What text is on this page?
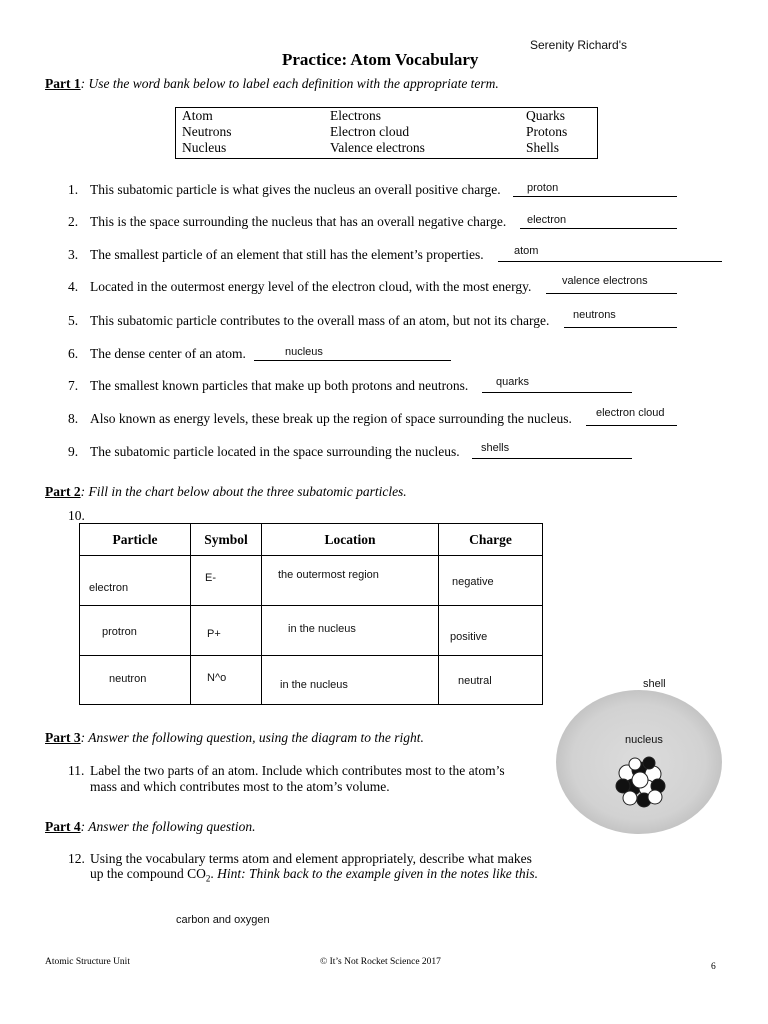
Serenity Richard's
Practice: Atom Vocabulary
Part 1: Use the word bank below to label each definition with the appropriate term.
Atom	Electrons	Quarks
Neutrons	Electron cloud	Protons
Nucleus	Valence electrons	Shells
1. This subatomic particle is what gives the nucleus an overall positive charge. proton
2. This is the space surrounding the nucleus that has an overall negative charge. electron
3. The smallest particle of an element that still has the element’s properties.	atom
4. Located in the outermost energy level of the electron cloud, with the most energy.	valence electrons
5. This subatomic particle contributes to the overall mass of an atom, but not its charge. neutrons
6. The dense center of an atom.	nucleus
7. The smallest known particles that make up both protons and neutrons.	quarks
8. Also known as energy levels, these break up the region of space surrounding the nucleus. electron cloud
9. The subatomic particle located in the space surrounding the nucleus. shells
Part 2: Fill in the chart below about the three subatomic particles.
10.
Particle	Symbol	Location	Charge

electron	E-	the outermost region	negative

protron	P+	in the nucleus	positive

neutron	N^o	in the nucleus	neutral	shell
nucleus
Part 3: Answer the following question, using the diagram to the right.
11. Label the two parts of an atom. Include which contributes most to the atom’s
mass and which contributes most to the atom’s volume.
Part 4: Answer the following question.
12. Using the vocabulary terms atom and element appropriately, describe what makes
up the compound $CO_2$. Hint: Think back to the example given in the notes like this.
carbon and oxygen
Atomic Structure Unit	© It’s Not Rocket Science 2017	6
